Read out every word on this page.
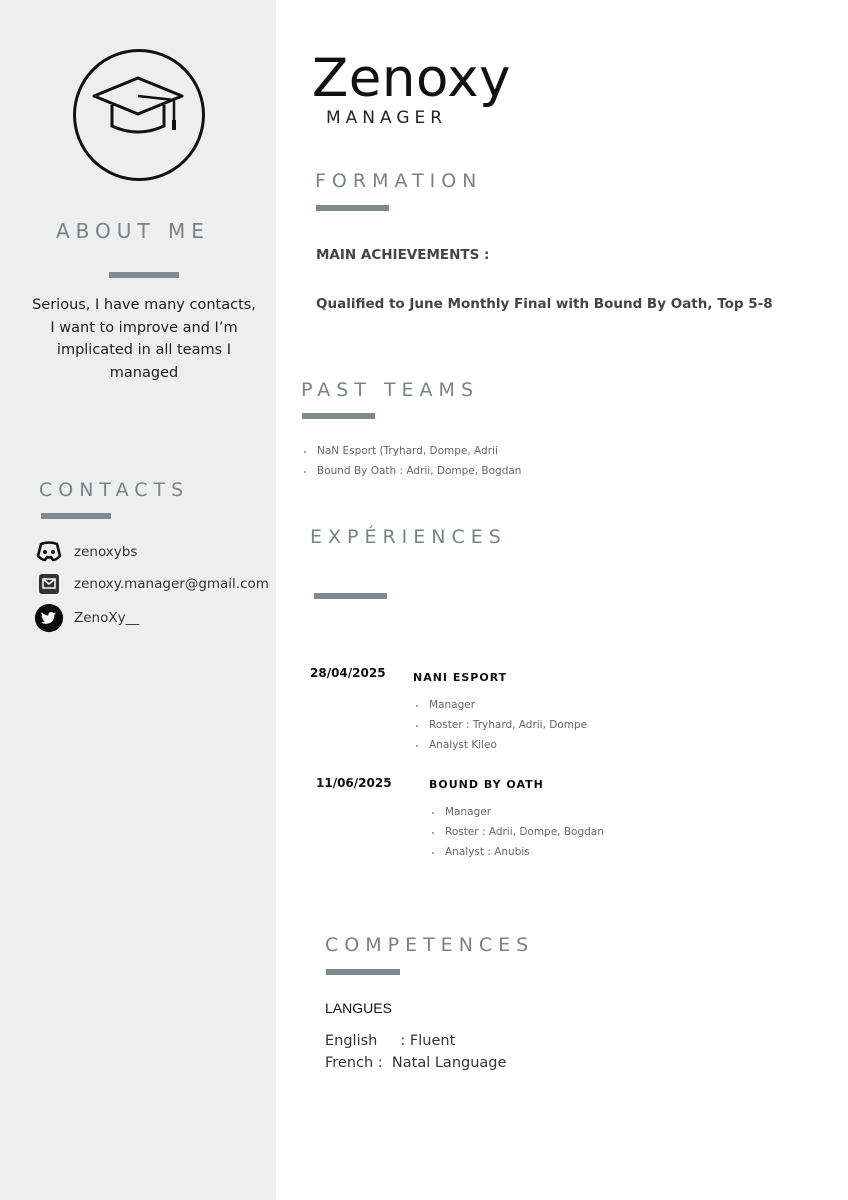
ABOUT ME
Serious, I have many contacts, I want to improve and I’m implicated in all teams I managed
CONTACTS
zenoxybs
zenoxy.manager@gmail.com
ZenoXy__
Zenoxy
MANAGER
FORMATION
MAIN ACHIEVEMENTS :
Qualified to June Monthly Final with Bound By Oath, Top 5-8
PAST TEAMS
• NaN Esport (Tryhard, Dompe, Adrii
• Bound By Oath : Adrii, Dompe, Bogdan
EXPÉRIENCES
28/04/2025 NANI ESPORT
• Manager
• Roster : Tryhard, Adrii, Dompe
• Analyst Kileo
11/06/2025	BOUND BY OATH
• Manager
• Roster : Adrii, Dompe, Bogdan
• Analyst : Anubis
COMPETENCES
LANGUES
English     : Fluent
French :  Natal Language
